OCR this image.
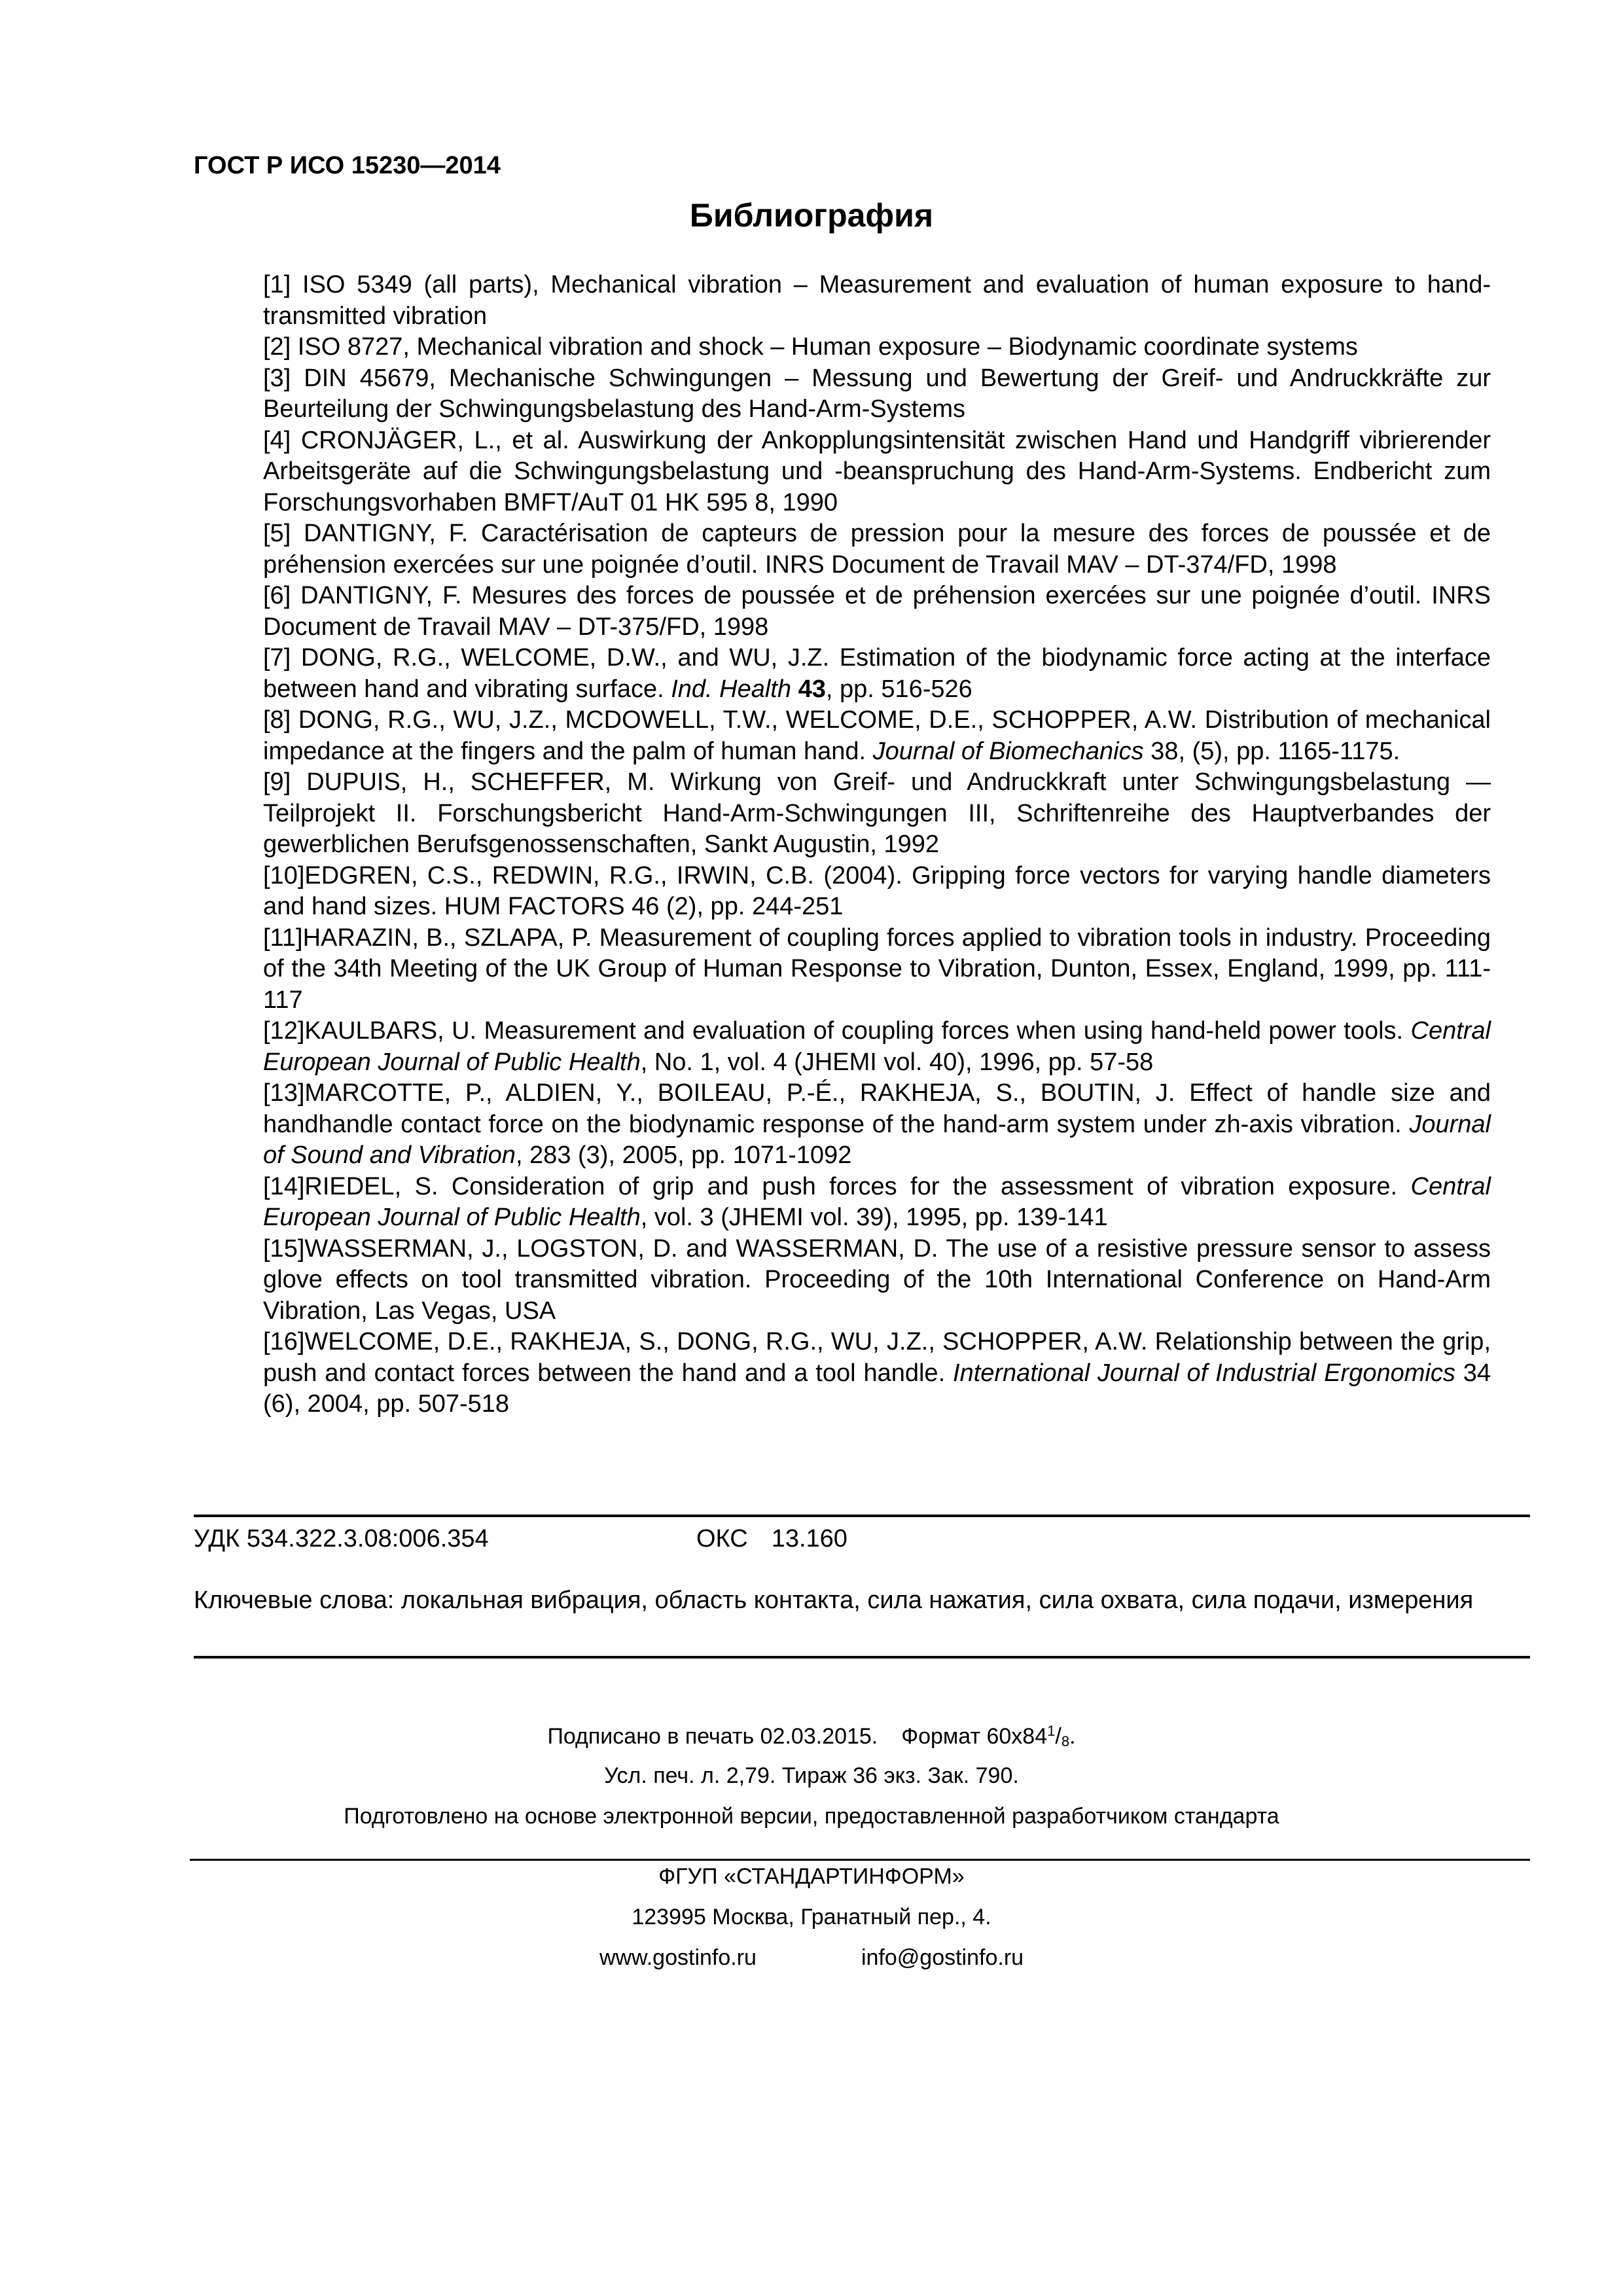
ГОСТ Р ИСО 15230—2014
Библиография

[1] ISO 5349 (all parts), Mechanical vibration – Measurement and evaluation of human exposure to hand-transmitted vibration

[2] ISO 8727, Mechanical vibration and shock – Human exposure – Biodynamic coordinate systems

[3] DIN 45679, Mechanische Schwingungen – Messung und Bewertung der Greif- und Andruckkräfte zur Beurteilung der Schwingungsbelastung des Hand-Arm-Systems

[4] CRONJÄGER, L., et al. Auswirkung der Ankopplungsintensität zwischen Hand und Handgriff vibrierender Arbeitsgeräte auf die Schwingungsbelastung und -beanspruchung des Hand-Arm-Systems. Endbericht zum Forschungsvorhaben BMFT/AuT 01 HK 595 8, 1990

[5] DANTIGNY, F. Caractérisation de capteurs de pression pour la mesure des forces de poussée et de préhension exercées sur une poignée d’outil. INRS Document de Travail MAV – DT-374/FD, 1998

[6] DANTIGNY, F. Mesures des forces de poussée et de préhension exercées sur une poignée d’outil. INRS Document de Travail MAV – DT-375/FD, 1998

[7] DONG, R.G., WELCOME, D.W., and WU, J.Z. Estimation of the biodynamic force acting at the interface between hand and vibrating surface. Ind. Health 43, pp. 516-526

[8] DONG, R.G., WU, J.Z., MCDOWELL, T.W., WELCOME, D.E., SCHOPPER, A.W. Distribution of mechanical impedance at the fingers and the palm of human hand. Journal of Biomechanics 38, (5), pp. 1165-1175.

[9] DUPUIS, H., SCHEFFER, M. Wirkung von Greif- und Andruckkraft unter Schwingungsbelastung — Teilprojekt II. Forschungsbericht Hand-Arm-Schwingungen III, Schriftenreihe des Hauptverbandes der gewerblichen Berufsgenossenschaften, Sankt Augustin, 1992

[10]EDGREN, C.S., REDWIN, R.G., IRWIN, C.B. (2004). Gripping force vectors for varying handle diameters and hand sizes. HUM FACTORS 46 (2), pp. 244-251

[11]HARAZIN, B., SZLAPA, P. Measurement of coupling forces applied to vibration tools in industry. Proceeding of the 34th Meeting of the UK Group of Human Response to Vibration, Dunton, Essex, England, 1999, pp. 111-117

[12]KAULBARS, U. Measurement and evaluation of coupling forces when using hand-held power tools. Central European Journal of Public Health, No. 1, vol. 4 (JHEMI vol. 40), 1996, pp. 57-58

[13]MARCOTTE, P., ALDIEN, Y., BOILEAU, P.-É., RAKHEJA, S., BOUTIN, J. Effect of handle size and handhandle contact force on the biodynamic response of the hand-arm system under zh-axis vibration. Journal of Sound and Vibration, 283 (3), 2005, pp. 1071-1092

[14]RIEDEL, S. Consideration of grip and push forces for the assessment of vibration exposure. Central European Journal of Public Health, vol. 3 (JHEMI vol. 39), 1995, pp. 139-141

[15]WASSERMAN, J., LOGSTON, D. and WASSERMAN, D. The use of a resistive pressure sensor to assess glove effects on tool transmitted vibration. Proceeding of the 10th International Conference on Hand-Arm Vibration, Las Vegas, USA

[16]WELCOME, D.E., RAKHEJA, S., DONG, R.G., WU, J.Z., SCHOPPER, A.W. Relationship between the grip, push and contact forces between the hand and a tool handle. International Journal of Industrial Ergonomics 34 (6), 2004, pp. 507-518

УДК 534.322.3.08:006.354	ОКС 13.160
Ключевые слова: локальная вибрация, область контакта, сила нажатия, сила охвата, сила подачи, измерения
Подписано в печать 02.03.2015. Формат $60x84^1/_8$.
Усл. печ. л. 2,79. Тираж 36 экз. Зак. 790.
Подготовлено на основе электронной версии, предоставленной разработчиком стандарта
ФГУП «СТАНДАРТИНФОРМ»
123995 Москва, Гранатный пер., 4.
www.gostinfo.ru	info@gostinfo.ru
